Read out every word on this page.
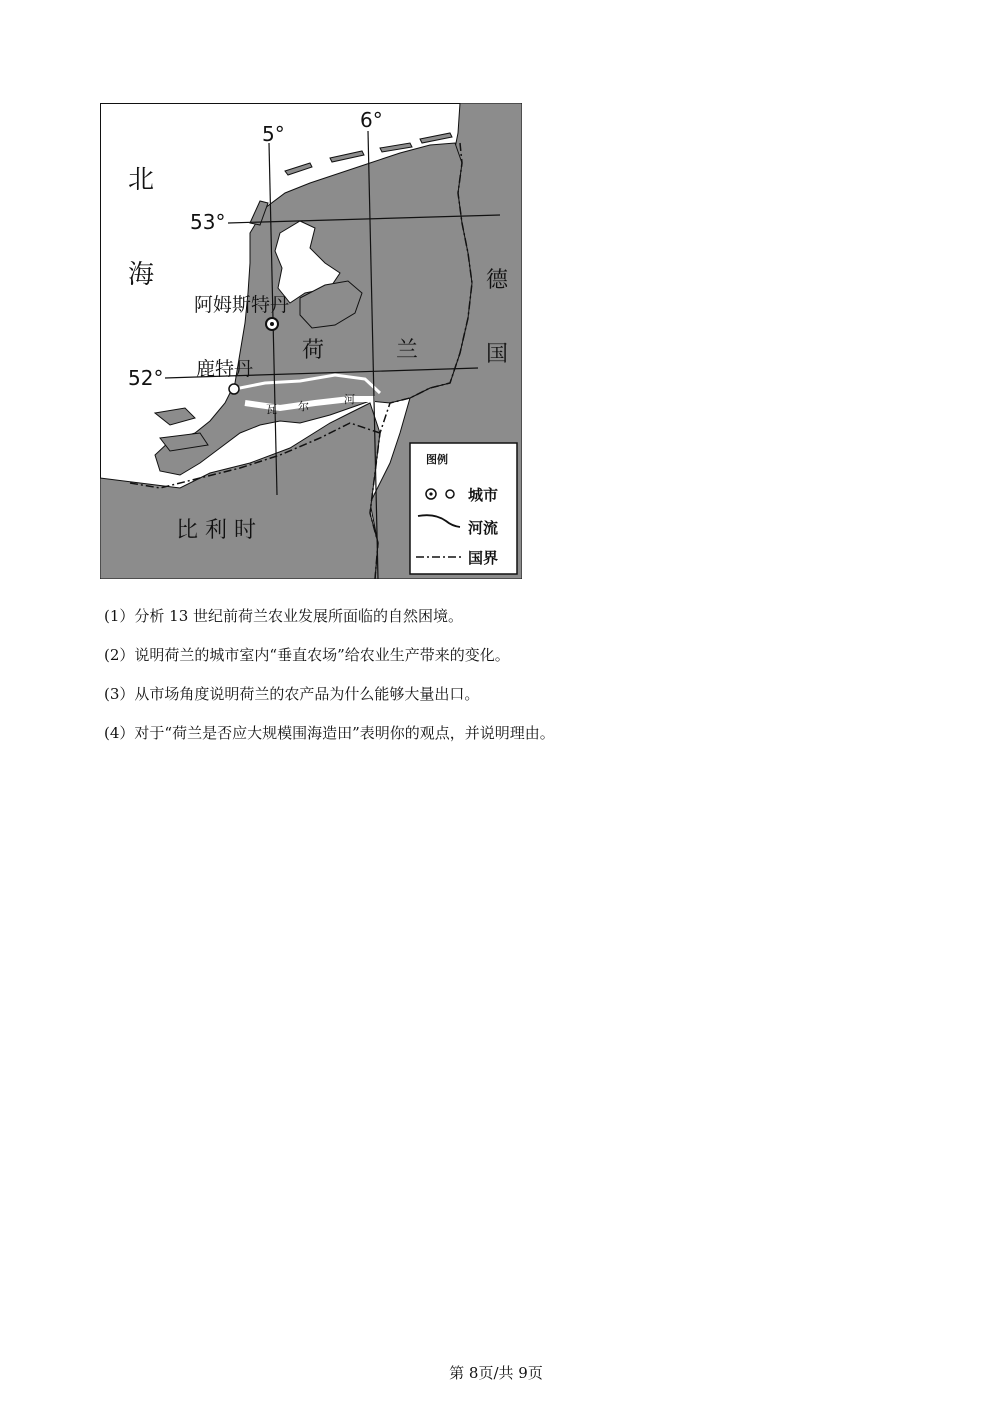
北
海
5°
6°
53°
52°
阿姆斯特丹
鹿特丹
荷	兰
德
国
比 利 时
瓦 尔
河
图例
城市
河流
国界
(1）分析 13 世纪前荷兰农业发展所面临的自然困境。
(2）说明荷兰的城市室内“垂直农场”给农业生产带来的变化。
(3）从市场角度说明荷兰的农产品为什么能够大量出口。
(4）对于“荷兰是否应大规模围海造田”表明你的观点，并说明理由。
第 8页/共 9页
